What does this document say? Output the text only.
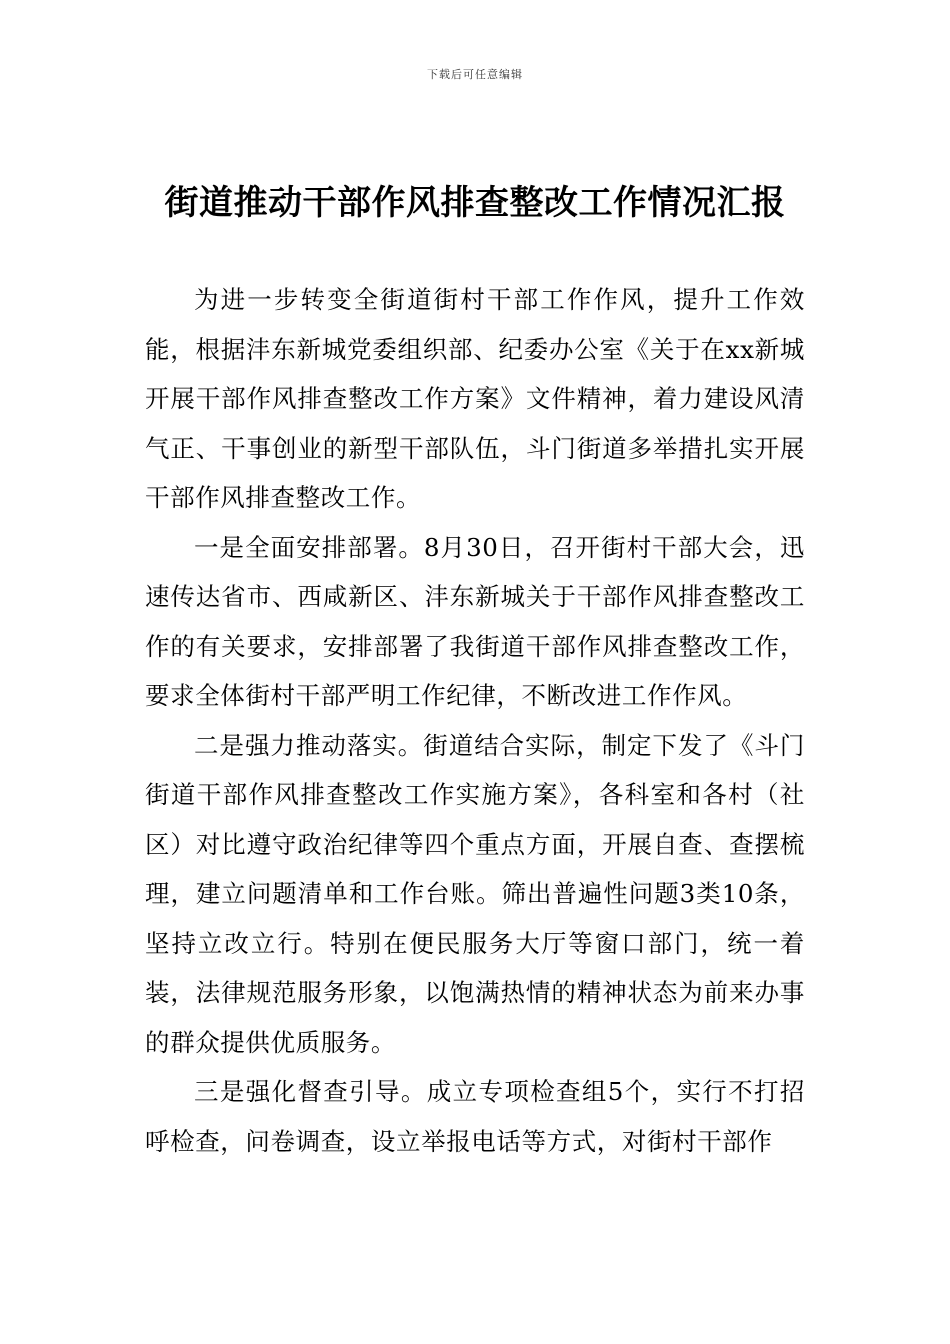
下载后可任意编辑
街道推动干部作风排查整改工作情况汇报

为进一步转变全街道街村干部工作作风，提升工作效能，根据沣东新城党委组织部、纪委办公室《关于在xx新城开展干部作风排查整改工作方案》文件精神，着力建设风清气正、干事创业的新型干部队伍，斗门街道多举措扎实开展干部作风排查整改工作。

一是全面安排部署。8月30日，召开街村干部大会，迅速传达省市、西咸新区、沣东新城关于干部作风排查整改工作的有关要求，安排部署了我街道干部作风排查整改工作，要求全体街村干部严明工作纪律，不断改进工作作风。

二是强力推动落实。街道结合实际，制定下发了《斗门街道干部作风排查整改工作实施方案》，各科室和各村（社区）对比遵守政治纪律等四个重点方面，开展自查、查摆梳理，建立问题清单和工作台账。筛出普遍性问题3类10条，坚持立改立行。特别在便民服务大厅等窗口部门，统一着装，法律规范服务形象，以饱满热情的精神状态为前来办事的群众提供优质服务。

三是强化督查引导。成立专项检查组5个，实行不打招呼检查，问卷调查，设立举报电话等方式，对街村干部作
